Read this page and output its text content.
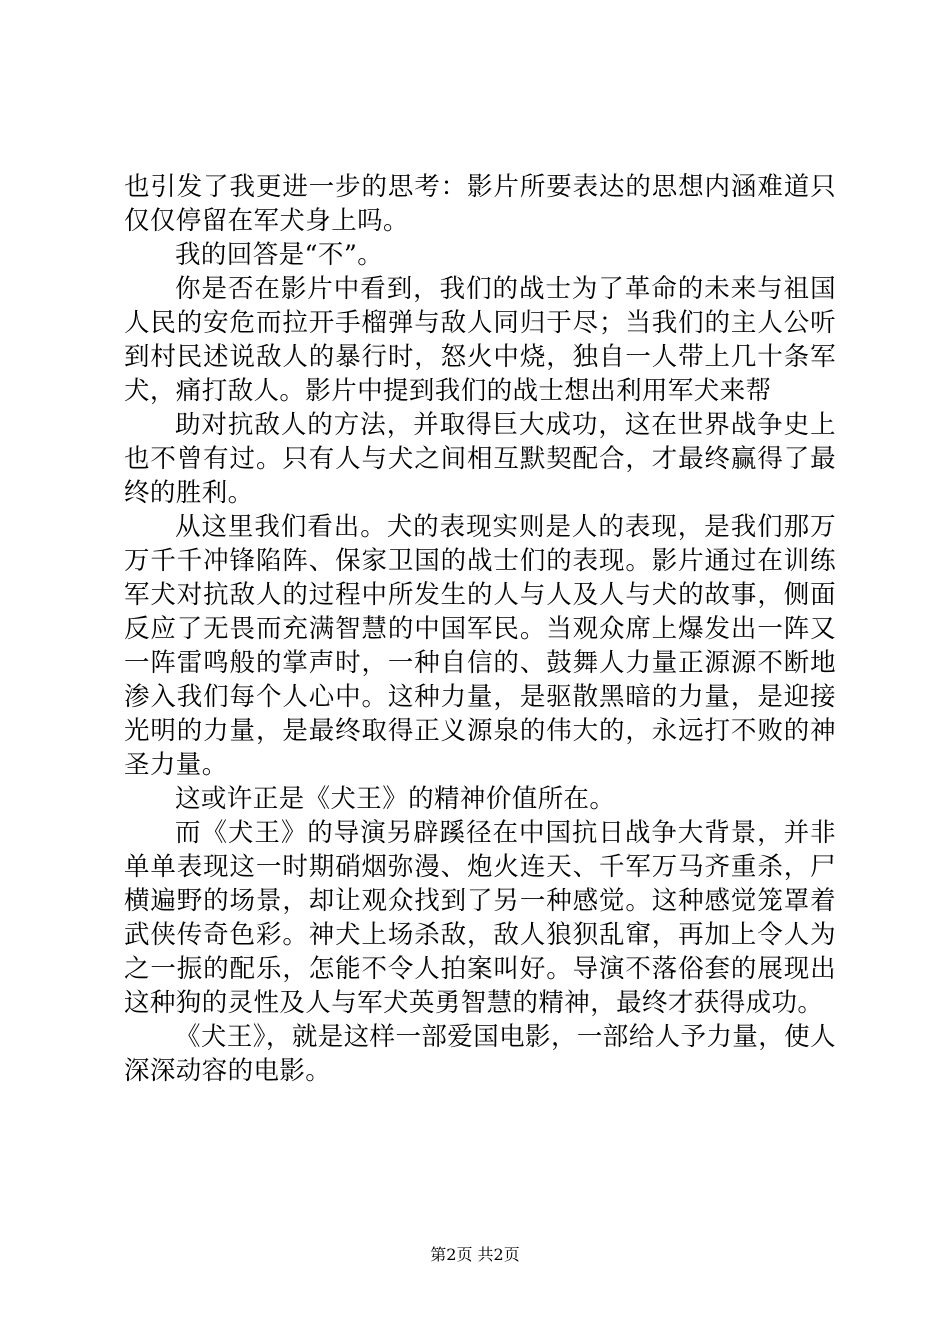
也引发了我更进一步的思考：影片所要表达的思想内涵难道只仅仅停留在军犬身上吗。

我的回答是“不”。

你是否在影片中看到，我们的战士为了革命的未来与祖国人民的安危而拉开手榴弹与敌人同归于尽；当我们的主人公听到村民述说敌人的暴行时，怒火中烧，独自一人带上几十条军犬，痛打敌人。影片中提到我们的战士想出利用军犬来帮

助对抗敌人的方法，并取得巨大成功，这在世界战争史上也不曾有过。只有人与犬之间相互默契配合，才最终赢得了最终的胜利。

从这里我们看出。犬的表现实则是人的表现，是我们那万万千千冲锋陷阵、保家卫国的战士们的表现。影片通过在训练军犬对抗敌人的过程中所发生的人与人及人与犬的故事，侧面反应了无畏而充满智慧的中国军民。当观众席上爆发出一阵又一阵雷鸣般的掌声时，一种自信的、鼓舞人力量正源源不断地渗入我们每个人心中。这种力量，是驱散黑暗的力量，是迎接光明的力量，是最终取得正义源泉的伟大的，永远打不败的神圣力量。

这或许正是《犬王》的精神价值所在。

而《犬王》的导演另辟蹊径在中国抗日战争大背景，并非单单表现这一时期硝烟弥漫、炮火连天、千军万马齐重杀，尸横遍野的场景，却让观众找到了另一种感觉。这种感觉笼罩着武侠传奇色彩。神犬上场杀敌，敌人狼狈乱窜，再加上令人为之一振的配乐，怎能不令人拍案叫好。导演不落俗套的展现出这种狗的灵性及人与军犬英勇智慧的精神，最终才获得成功。

《犬王》，就是这样一部爱国电影，一部给人予力量，使人深深动容的电影。

第2页 共2页
